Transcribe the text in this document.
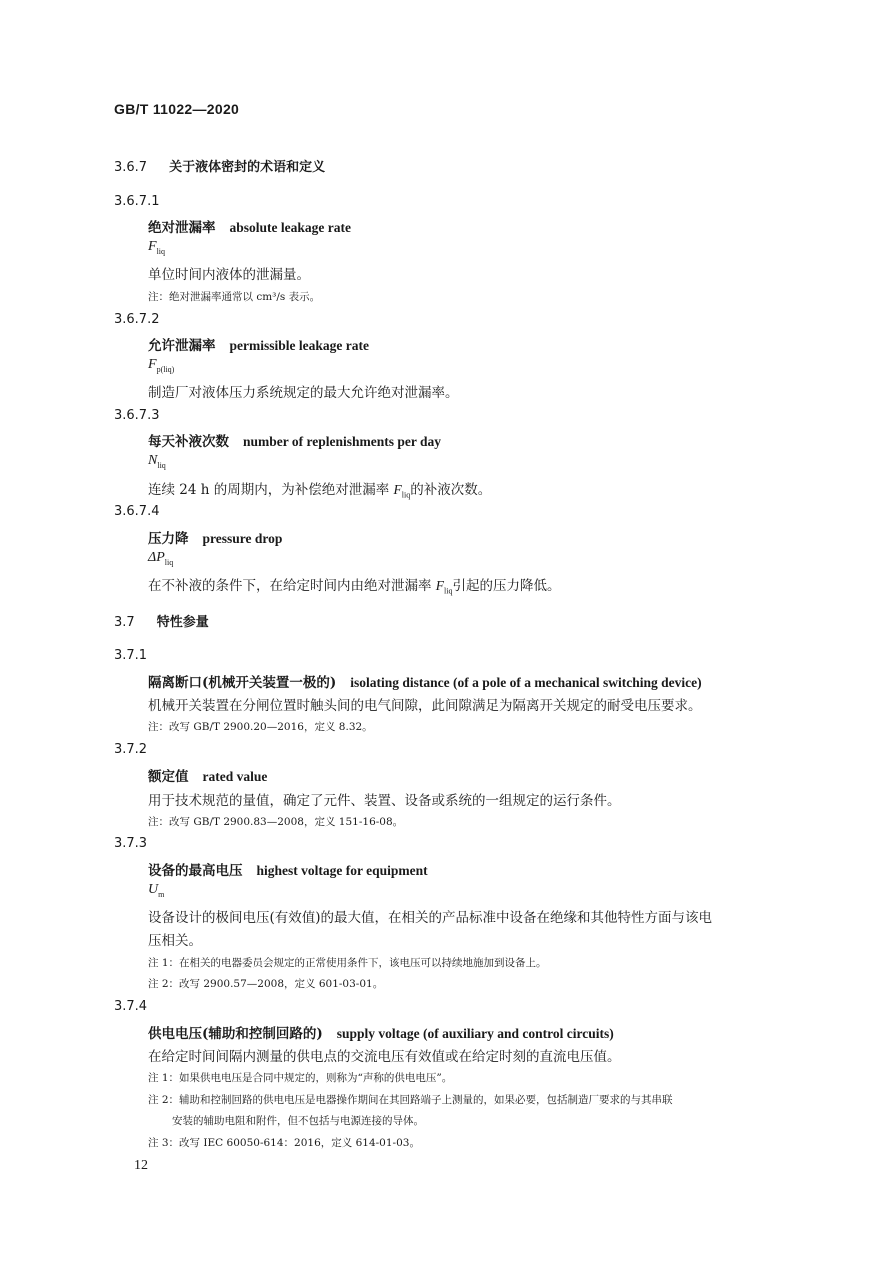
GB/T 11022—2020
3.6.7 关于液体密封的术语和定义
3.6.7.1
绝对泄漏率 absolute leakage rate
$F_{liq}$
单位时间内液体的泄漏量。
注：绝对泄漏率通常以 cm³/s 表示。
3.6.7.2
允许泄漏率 permissible leakage rate
$F_{p(liq)}$
制造厂对液体压力系统规定的最大允许绝对泄漏率。
3.6.7.3
每天补液次数 number of replenishments per day
$N_{liq}$
连续 24 h 的周期内，为补偿绝对泄漏率 $F_{liq}$的补液次数。
3.6.7.4
压力降 pressure drop
$\Delta P_{liq}$
在不补液的条件下，在给定时间内由绝对泄漏率 $F_{liq}$引起的压力降低。
3.7 特性参量
3.7.1
隔离断口(机械开关装置一极的) isolating distance (of a pole of a mechanical switching device)
机械开关装置在分闸位置时触头间的电气间隙，此间隙满足为隔离开关规定的耐受电压要求。
注：改写 GB/T 2900.20—2016，定义 8.32。
3.7.2
额定值 rated value
用于技术规范的量值，确定了元件、装置、设备或系统的一组规定的运行条件。
注：改写 GB/T 2900.83—2008，定义 151-16-08。
3.7.3
设备的最高电压 highest voltage for equipment
$U_m$
设备设计的极间电压(有效值)的最大值，在相关的产品标准中设备在绝缘和其他特性方面与该电
压相关。
注 1：在相关的电器委员会规定的正常使用条件下，该电压可以持续地施加到设备上。
注 2：改写 2900.57—2008，定义 601-03-01。
3.7.4
供电电压(辅助和控制回路的) supply voltage (of auxiliary and control circuits)
在给定时间间隔内测量的供电点的交流电压有效值或在给定时刻的直流电压值。
注 1：如果供电电压是合同中规定的，则称为“声称的供电电压”。
注 2：辅助和控制回路的供电电压是电器操作期间在其回路端子上测量的，如果必要，包括制造厂要求的与其串联
安装的辅助电阻和附件，但不包括与电源连接的导体。
注 3：改写 IEC 60050-614：2016，定义 614-01-03。
12
